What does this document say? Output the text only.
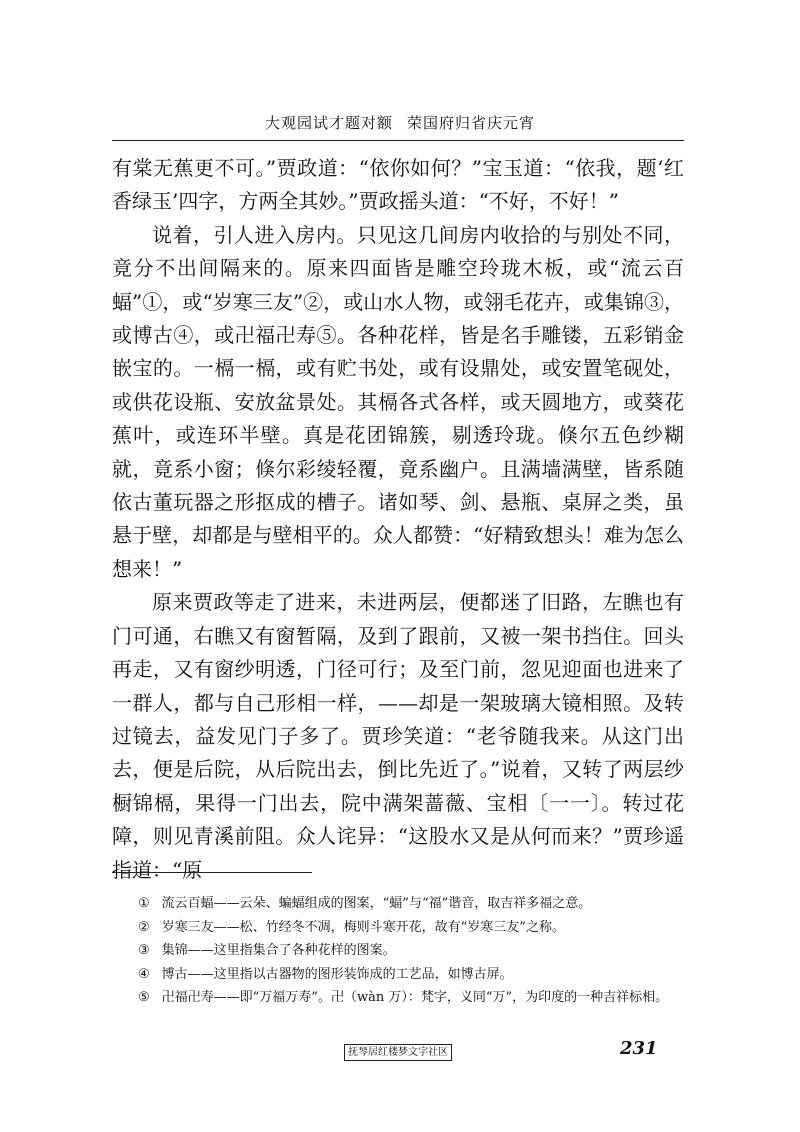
大观园试才题对额 荣国府归省庆元宵

有棠无蕉更不可。”贾政道：“依你如何？”宝玉道：“依我，题‘红香绿玉’四字，方两全其妙。”贾政摇头道：“不好，不好！”

说着，引人进入房内。只见这几间房内收拾的与别处不同，竟分不出间隔来的。原来四面皆是雕空玲珑木板，或“流云百蝠”①，或“岁寒三友”②，或山水人物，或翎毛花卉，或集锦③，或博古④，或卍福卍寿⑤。各种花样，皆是名手雕镂，五彩销金嵌宝的。一槅一槅，或有贮书处，或有设鼎处，或安置笔砚处，或供花设瓶、安放盆景处。其槅各式各样，或天圆地方，或葵花蕉叶，或连环半壁。真是花团锦簇，剔透玲珑。倏尔五色纱糊就，竟系小窗；倏尔彩绫轻覆，竟系幽户。且满墙满壁，皆系随依古董玩器之形抠成的槽子。诸如琴、剑、悬瓶、桌屏之类，虽悬于壁，却都是与壁相平的。众人都赞：“好精致想头！难为怎么想来！”

原来贾政等走了进来，未进两层，便都迷了旧路，左瞧也有门可通，右瞧又有窗暂隔，及到了跟前，又被一架书挡住。回头再走，又有窗纱明透，门径可行；及至门前，忽见迎面也进来了一群人，都与自己形相一样，——却是一架玻璃大镜相照。及转过镜去，益发见门子多了。贾珍笑道：“老爷随我来。从这门出去，便是后院，从后院出去，倒比先近了。”说着，又转了两层纱橱锦槅，果得一门出去，院中满架蔷薇、宝相〔一一〕。转过花障，则见青溪前阻。众人诧异：“这股水又是从何而来？”贾珍遥指道：“原

① 流云百蝠——云朵、蝙蝠组成的图案，“蝠”与“福”谐音，取吉祥多福之意。

② 岁寒三友——松、竹经冬不凋，梅则斗寒开花，故有“岁寒三友”之称。

③ 集锦——这里指集合了各种花样的图案。

④ 博古——这里指以古器物的图形装饰成的工艺品，如博古屏。

⑤ 卍福卍寿——即“万福万寿”。卍（wàn 万）：梵字，义同“万”，为印度的一种吉祥标相。

抚琴居红楼梦文字社区	231
